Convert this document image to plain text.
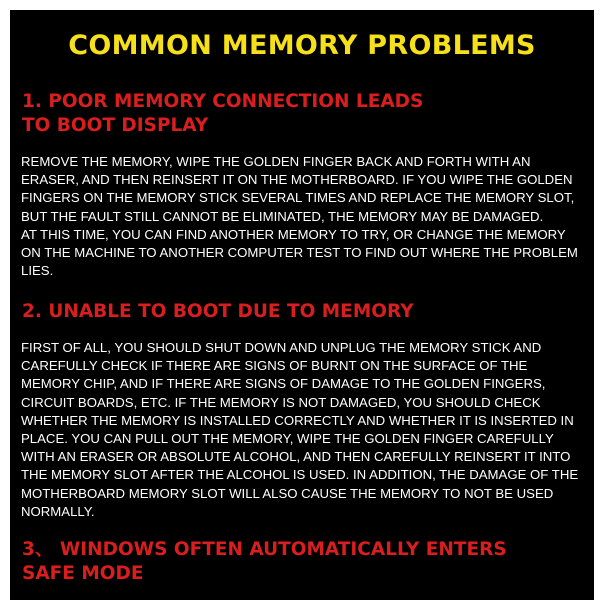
COMMON MEMORY PROBLEMS
1. POOR MEMORY CONNECTION LEADS
TO BOOT DISPLAY
REMOVE THE MEMORY, WIPE THE GOLDEN FINGER BACK AND FORTH WITH AN
ERASER, AND THEN REINSERT IT ON THE MOTHERBOARD. IF YOU WIPE THE GOLDEN
FINGERS ON THE MEMORY STICK SEVERAL TIMES AND REPLACE THE MEMORY SLOT,
BUT THE FAULT STILL CANNOT BE ELIMINATED, THE MEMORY MAY BE DAMAGED.
AT THIS TIME, YOU CAN FIND ANOTHER MEMORY TO TRY, OR CHANGE THE MEMORY
ON THE MACHINE TO ANOTHER COMPUTER TEST TO FIND OUT WHERE THE PROBLEM
LIES.
2. UNABLE TO BOOT DUE TO MEMORY
FIRST OF ALL, YOU SHOULD SHUT DOWN AND UNPLUG THE MEMORY STICK AND
CAREFULLY CHECK IF THERE ARE SIGNS OF BURNT ON THE SURFACE OF THE
MEMORY CHIP, AND IF THERE ARE SIGNS OF DAMAGE TO THE GOLDEN FINGERS,
CIRCUIT BOARDS, ETC. IF THE MEMORY IS NOT DAMAGED, YOU SHOULD CHECK
WHETHER THE MEMORY IS INSTALLED CORRECTLY AND WHETHER IT IS INSERTED IN
PLACE. YOU CAN PULL OUT THE MEMORY, WIPE THE GOLDEN FINGER CAREFULLY
WITH AN ERASER OR ABSOLUTE ALCOHOL, AND THEN CAREFULLY REINSERT IT INTO
THE MEMORY SLOT AFTER THE ALCOHOL IS USED. IN ADDITION, THE DAMAGE OF THE
MOTHERBOARD MEMORY SLOT WILL ALSO CAUSE THE MEMORY TO NOT BE USED
NORMALLY.
3、 WINDOWS OFTEN AUTOMATICALLY ENTERS
SAFE MODE
